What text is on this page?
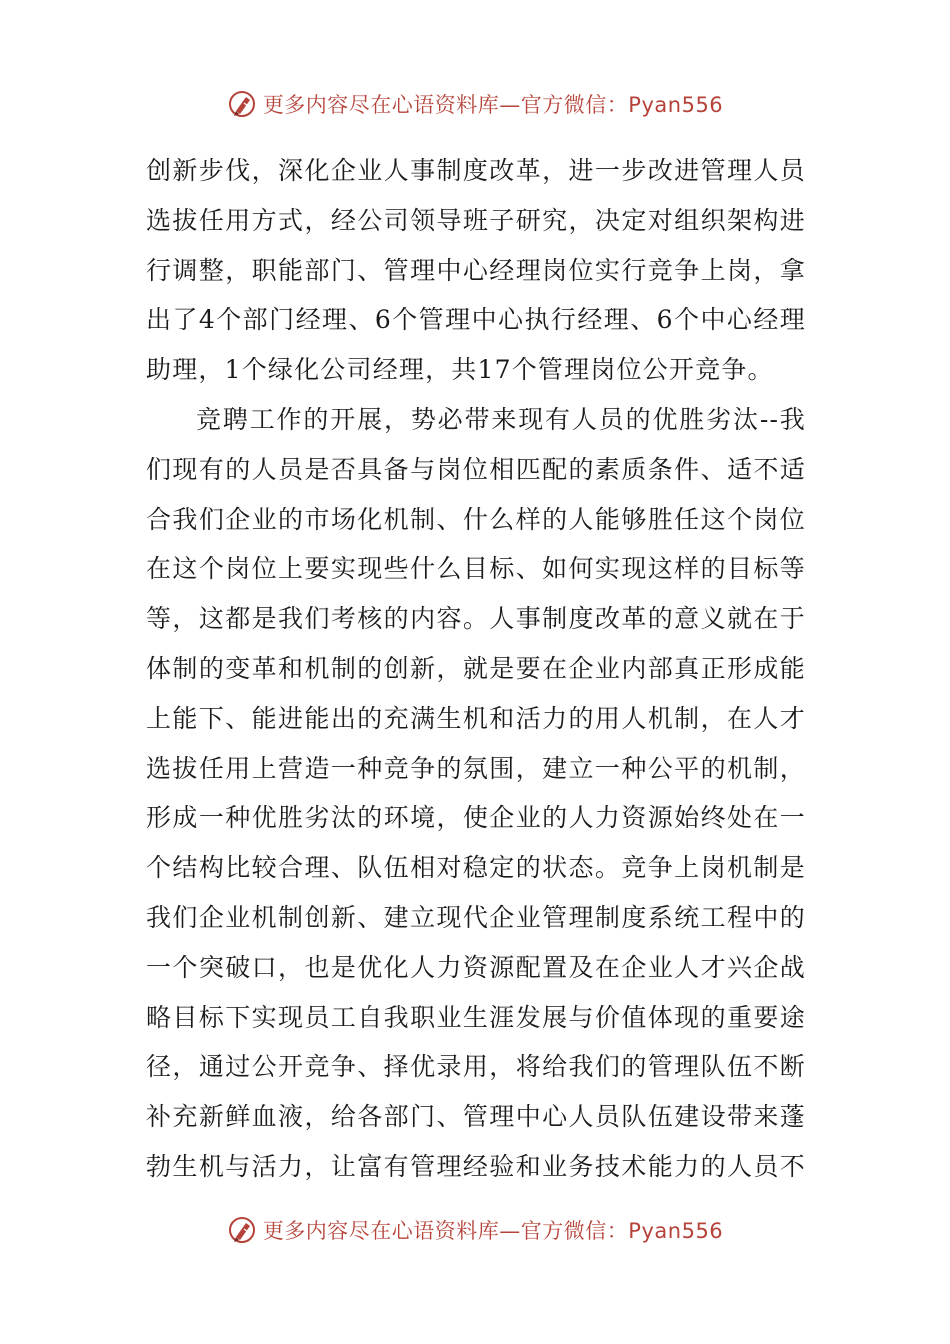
更多内容尽在心语资料库—官方微信：Pyan556
创新步伐，深化企业人事制度改革，进一步改进管理人员
选拔任用方式，经公司领导班子研究，决定对组织架构进
行调整，职能部门、管理中心经理岗位实行竞争上岗，拿
出了4个部门经理、6个管理中心执行经理、6个中心经理
助理，1个绿化公司经理，共17个管理岗位公开竞争。
竞聘工作的开展，势必带来现有人员的优胜劣汰--我
们现有的人员是否具备与岗位相匹配的素质条件、适不适
合我们企业的市场化机制、什么样的人能够胜任这个岗位
在这个岗位上要实现些什么目标、如何实现这样的目标等
等，这都是我们考核的内容。人事制度改革的意义就在于
体制的变革和机制的创新，就是要在企业内部真正形成能
上能下、能进能出的充满生机和活力的用人机制，在人才
选拔任用上营造一种竞争的氛围，建立一种公平的机制，
形成一种优胜劣汰的环境，使企业的人力资源始终处在一
个结构比较合理、队伍相对稳定的状态。竞争上岗机制是
我们企业机制创新、建立现代企业管理制度系统工程中的
一个突破口，也是优化人力资源配置及在企业人才兴企战
略目标下实现员工自我职业生涯发展与价值体现的重要途
径，通过公开竞争、择优录用，将给我们的管理队伍不断
补充新鲜血液，给各部门、管理中心人员队伍建设带来蓬
勃生机与活力，让富有管理经验和业务技术能力的人员不
更多内容尽在心语资料库—官方微信：Pyan556
